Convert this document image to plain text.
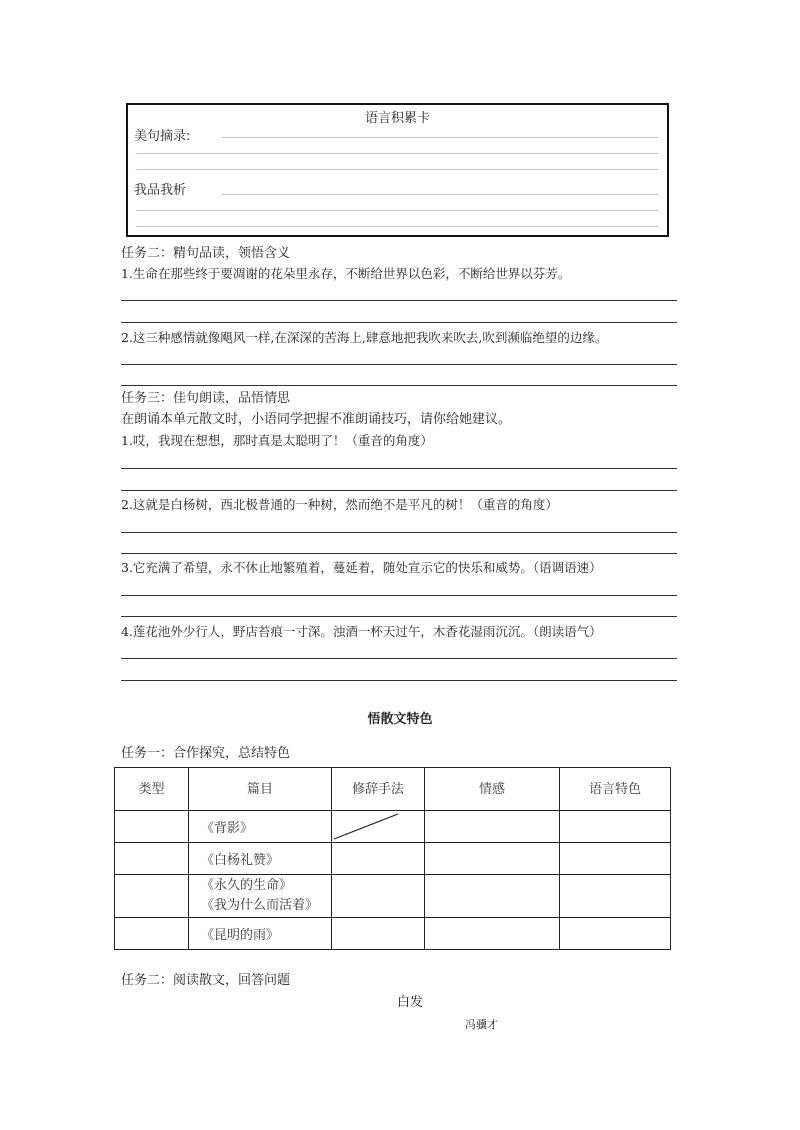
语言积累卡
美句摘录:
我品我析
任务二：精句品读，领悟含义
1.生命在那些终于要凋谢的花朵里永存，不断给世界以色彩，不断给世界以芬芳。
2.这三种感情就像飓风一样,在深深的苦海上,肆意地把我吹来吹去,吹到濒临绝望的边缘。
任务三：佳句朗读，品悟情思
在朗诵本单元散文时，小语同学把握不准朗诵技巧，请你给她建议。
1.哎，我现在想想，那时真是太聪明了！（重音的角度）
2.这就是白杨树，西北极普通的一种树，然而绝不是平凡的树！（重音的角度）
3.它充满了希望，永不休止地繁殖着，蔓延着，随处宣示它的快乐和威势。（语调语速）
4.莲花池外少行人，野店苔痕一寸深。浊酒一杯天过午，木香花湿雨沉沉。（朗读语气）
悟散文特色
任务一：合作探究，总结特色
类型	篇目	修辞手法	情感	语言特色
	《背影》	

	《白杨礼赞》			

	《永久的生命》
《我为什么而活着》			

	《昆明的雨》			
任务二：阅读散文，回答问题
白发
冯骥才
